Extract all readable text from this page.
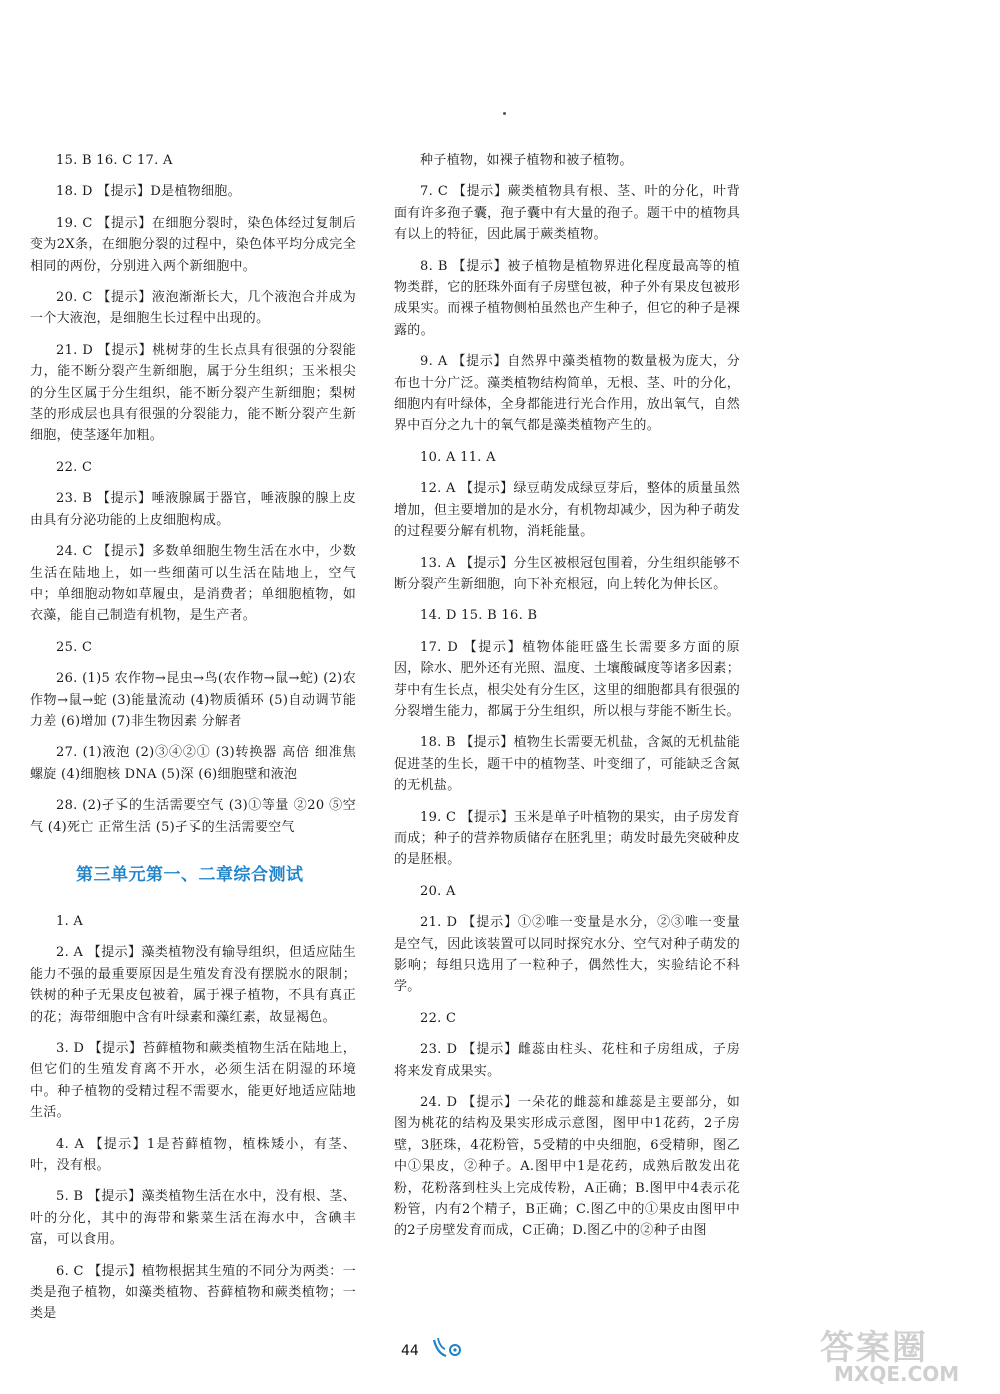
15. B 16. C 17. A

18. D 【提示】D是植物细胞。

19. C 【提示】在细胞分裂时，染色体经过复制后变为2X条，在细胞分裂的过程中，染色体平均分成完全相同的两份，分别进入两个新细胞中。

20. C 【提示】液泡渐渐长大，几个液泡合并成为一个大液泡，是细胞生长过程中出现的。

21. D 【提示】桃树芽的生长点具有很强的分裂能力，能不断分裂产生新细胞，属于分生组织；玉米根尖的分生区属于分生组织，能不断分裂产生新细胞；梨树茎的形成层也具有很强的分裂能力，能不断分裂产生新细胞，使茎逐年加粗。

22. C

23. B 【提示】唾液腺属于器官，唾液腺的腺上皮由具有分泌功能的上皮细胞构成。

24. C 【提示】多数单细胞生物生活在水中，少数生活在陆地上，如一些细菌可以生活在陆地上，空气中；单细胞动物如草履虫，是消费者；单细胞植物，如衣藻，能自己制造有机物，是生产者。

25. C

26. (1)5 农作物→昆虫→鸟(农作物→鼠→蛇) (2)农作物→鼠→蛇 (3)能量流动 (4)物质循环 (5)自动调节能力差 (6)增加 (7)非生物因素 分解者

27. (1)液泡 (2)③④②① (3)转换器 高倍 细准焦螺旋 (4)细胞核 DNA (5)深 (6)细胞壁和液泡

28. (2)孑孓的生活需要空气 (3)①等量 ②20 ⑤空气 (4)死亡 正常生活 (5)孑孓的生活需要空气

第三单元第一、二章综合测试

1. A

2. A 【提示】藻类植物没有输导组织，但适应陆生能力不强的最重要原因是生殖发育没有摆脱水的限制；铁树的种子无果皮包被着，属于裸子植物，不具有真正的花；海带细胞中含有叶绿素和藻红素，故显褐色。

3. D 【提示】苔藓植物和蕨类植物生活在陆地上，但它们的生殖发育离不开水，必须生活在阴湿的环境中。种子植物的受精过程不需要水，能更好地适应陆地生活。

4. A 【提示】1是苔藓植物，植株矮小，有茎、叶，没有根。

5. B 【提示】藻类植物生活在水中，没有根、茎、叶的分化，其中的海带和紫菜生活在海水中，含碘丰富，可以食用。

6. C 【提示】植物根据其生殖的不同分为两类：一类是孢子植物，如藻类植物、苔藓植物和蕨类植物；一类是

种子植物，如裸子植物和被子植物。

7. C 【提示】蕨类植物具有根、茎、叶的分化，叶背面有许多孢子囊，孢子囊中有大量的孢子。题干中的植物具有以上的特征，因此属于蕨类植物。

8. B 【提示】被子植物是植物界进化程度最高等的植物类群，它的胚珠外面有子房壁包被，种子外有果皮包被形成果实。而裸子植物侧柏虽然也产生种子，但它的种子是裸露的。

9. A 【提示】自然界中藻类植物的数量极为庞大，分布也十分广泛。藻类植物结构简单，无根、茎、叶的分化，细胞内有叶绿体，全身都能进行光合作用，放出氧气，自然界中百分之九十的氧气都是藻类植物产生的。

10. A 11. A

12. A 【提示】绿豆萌发成绿豆芽后，整体的质量虽然增加，但主要增加的是水分，有机物却减少，因为种子萌发的过程要分解有机物，消耗能量。

13. A 【提示】分生区被根冠包围着，分生组织能够不断分裂产生新细胞，向下补充根冠，向上转化为伸长区。

14. D 15. B 16. B

17. D 【提示】植物体能旺盛生长需要多方面的原因，除水、肥外还有光照、温度、土壤酸碱度等诸多因素；芽中有生长点，根尖处有分生区，这里的细胞都具有很强的分裂增生能力，都属于分生组织，所以根与芽能不断生长。

18. B 【提示】植物生长需要无机盐，含氮的无机盐能促进茎的生长，题干中的植物茎、叶变细了，可能缺乏含氮的无机盐。

19. C 【提示】玉米是单子叶植物的果实，由子房发育而成；种子的营养物质储存在胚乳里；萌发时最先突破种皮的是胚根。

20. A

21. D 【提示】①②唯一变量是水分，②③唯一变量是空气，因此该装置可以同时探究水分、空气对种子萌发的影响；每组只选用了一粒种子，偶然性大，实验结论不科学。

22. C

23. D 【提示】雌蕊由柱头、花柱和子房组成，子房将来发育成果实。

24. D 【提示】一朵花的雌蕊和雄蕊是主要部分，如图为桃花的结构及果实形成示意图，图甲中1花药，2子房壁，3胚珠，4花粉管，5受精的中央细胞，6受精卵，图乙中①果皮，②种子。A.图甲中1是花药，成熟后散发出花粉，花粉落到柱头上完成传粉，A正确；B.图甲中4表示花粉管，内有2个精子，B正确；C.图乙中的①果皮由图甲中的2子房壁发育而成，C正确；D.图乙中的②种子由图

44	答案圈
MXQE.COM
